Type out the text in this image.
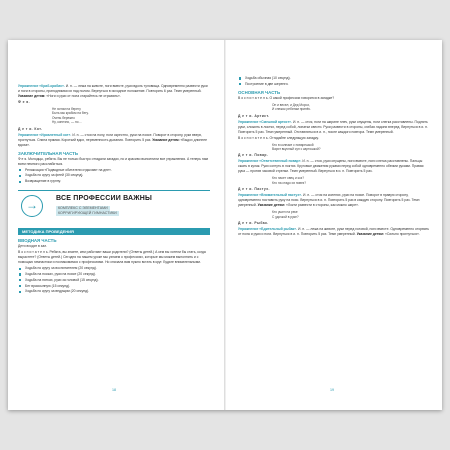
Упражнение «Краб-крабик». И. п. — лежа на животе, ноги вместе, руки вдоль туловища. Одновременно развести руки и ноги в стороны, приподнимая их над полом. Вернуться в исходное положение. Повторить 6 раз. Темп умеренный. Указание детям: «Ноги и руки от пола старайтесь не отрывать».

Ф е я.

Не хотим на берегу
Быть мы крабом на бегу.
Очень бережно
Ну, конечно, — по…

Д е т и. Кот.

Упражнение «Ириалетный кот». И. п. — стоя на полу, ноги скрестно, руки на поясе. Поворот в сторону, руки вверх, прогнуться. Спина прямая. Короткий вдох, переменность дыхания. Повторить 5 раз. Указание детям: «Выдох длиннее вдоха».

ЗАКЛЮЧИТЕЛЬНАЯ ЧАСТЬ

Ф е я. Молодцы, ребята. Вы не только быстро отгадали загадки, но и красиво выполнили все упражнения. А теперь нам всем немного расслабиться.

Релаксация «Подводные обитатели отдыхают на дне».
Ходьба по кругу за феей (30 секунд).
Возвращение в группу.
→	ВСЕ ПРОФЕССИИ ВАЖНЫ
КОМПЛЕКС С ЭЛЕМЕНТАМИ
КОРРИГИРУЮЩЕЙ ГИМНАСТИКИ
МЕТОДИКА ПРОВЕДЕНИЯ
ВВОДНАЯ ЧАСТЬ

Дети входят в зал.

В о с п и т а т е л ь. Ребята, вы знаете, кем работают ваши родители? (Ответы детей.) А кем вы хотели бы стать, когда вырастете? (Ответы детей.) Сегодня на нашем уроке мы узнаем о профессиях, которые мы можем выполнить и с помощью гимнастики и познакомимся с профессиями. Но сначала вам нужно встать в круг. Будьте внимательными.

Ходьба по кругу за воспитателем (20 секунд).
Ходьба на носках, руки на поясе (20 секунд).
Ходьба на пятках, руки за головой (15 секунд).
Бег врассыпную (15 секунд).
Ходьба по кругу за ведущим (20 секунд).
18
Ходьба обычная (10 секунд).
Построение в две шеренги.
ОСНОВНАЯ ЧАСТЬ

В о с п и т а т е л ь. О какой профессии говорится в загадке?

Он и весел, и Дед Мороз,
И снежок ребятам принёс.

Д е т и. Артист.

Упражнение «Смешной артист». И. п. — стоя, ноги на ширине плеч, руки опущены, ноги слегка расставлены. Поднять руки, сложить в локтях, перед собой, лопатки свести. Руки развести в стороны, сгибая ладони вперед. Вернуться в и. п. Повторить 5 раз. Темп умеренный. Отставляться в и. п., после каждого повтора. Темп умеренный.

В о с п и т а т е л ь. Отгадайте следующую загадку.

Кто в колпаке с поварешкой
Варит вкусный суп с картошкой?

Д е т и. Повар.

Упражнение «Ответственный повар». И. п. — стоя, руки опущены, ноги вместе, ноги слегка расставлены. Пальцы сжать в кулак. Руки согнуть в локтях. Круговые движения руками перед собой одновременно обеими руками. Правая рука — против часовой стрелки. Темп умеренный. Вернуться в и. п. Повторить 5 раз.

Кто пасет овец и коз?
Кто на стадо их повез?

Д е т и. Пастух.

Упражнение «Внимательный пастух». И. п. — стоя на коленях, руки на поясе. Поворот в правую сторону, одновременно поставить руку на пояс. Вернуться в и. п. Повторить 5 раз в каждую сторону. Повторить 5 раз. Темп умеренный. Указание детям: «Локти развести в стороны, как можно шире».

Кто ушел на реке
С удочкой в руке?

Д е т и. Рыбак.

Упражнение «Бдительный рыбак». И. п. — лежа на животе, руки перед головой, ноги вместе. Одновременно оторвать от пола и руки и ноги. Вернуться в и. п. Повторить 5 раз. Темп умеренный. Указание детям: «Сильно прогнуться».

19
